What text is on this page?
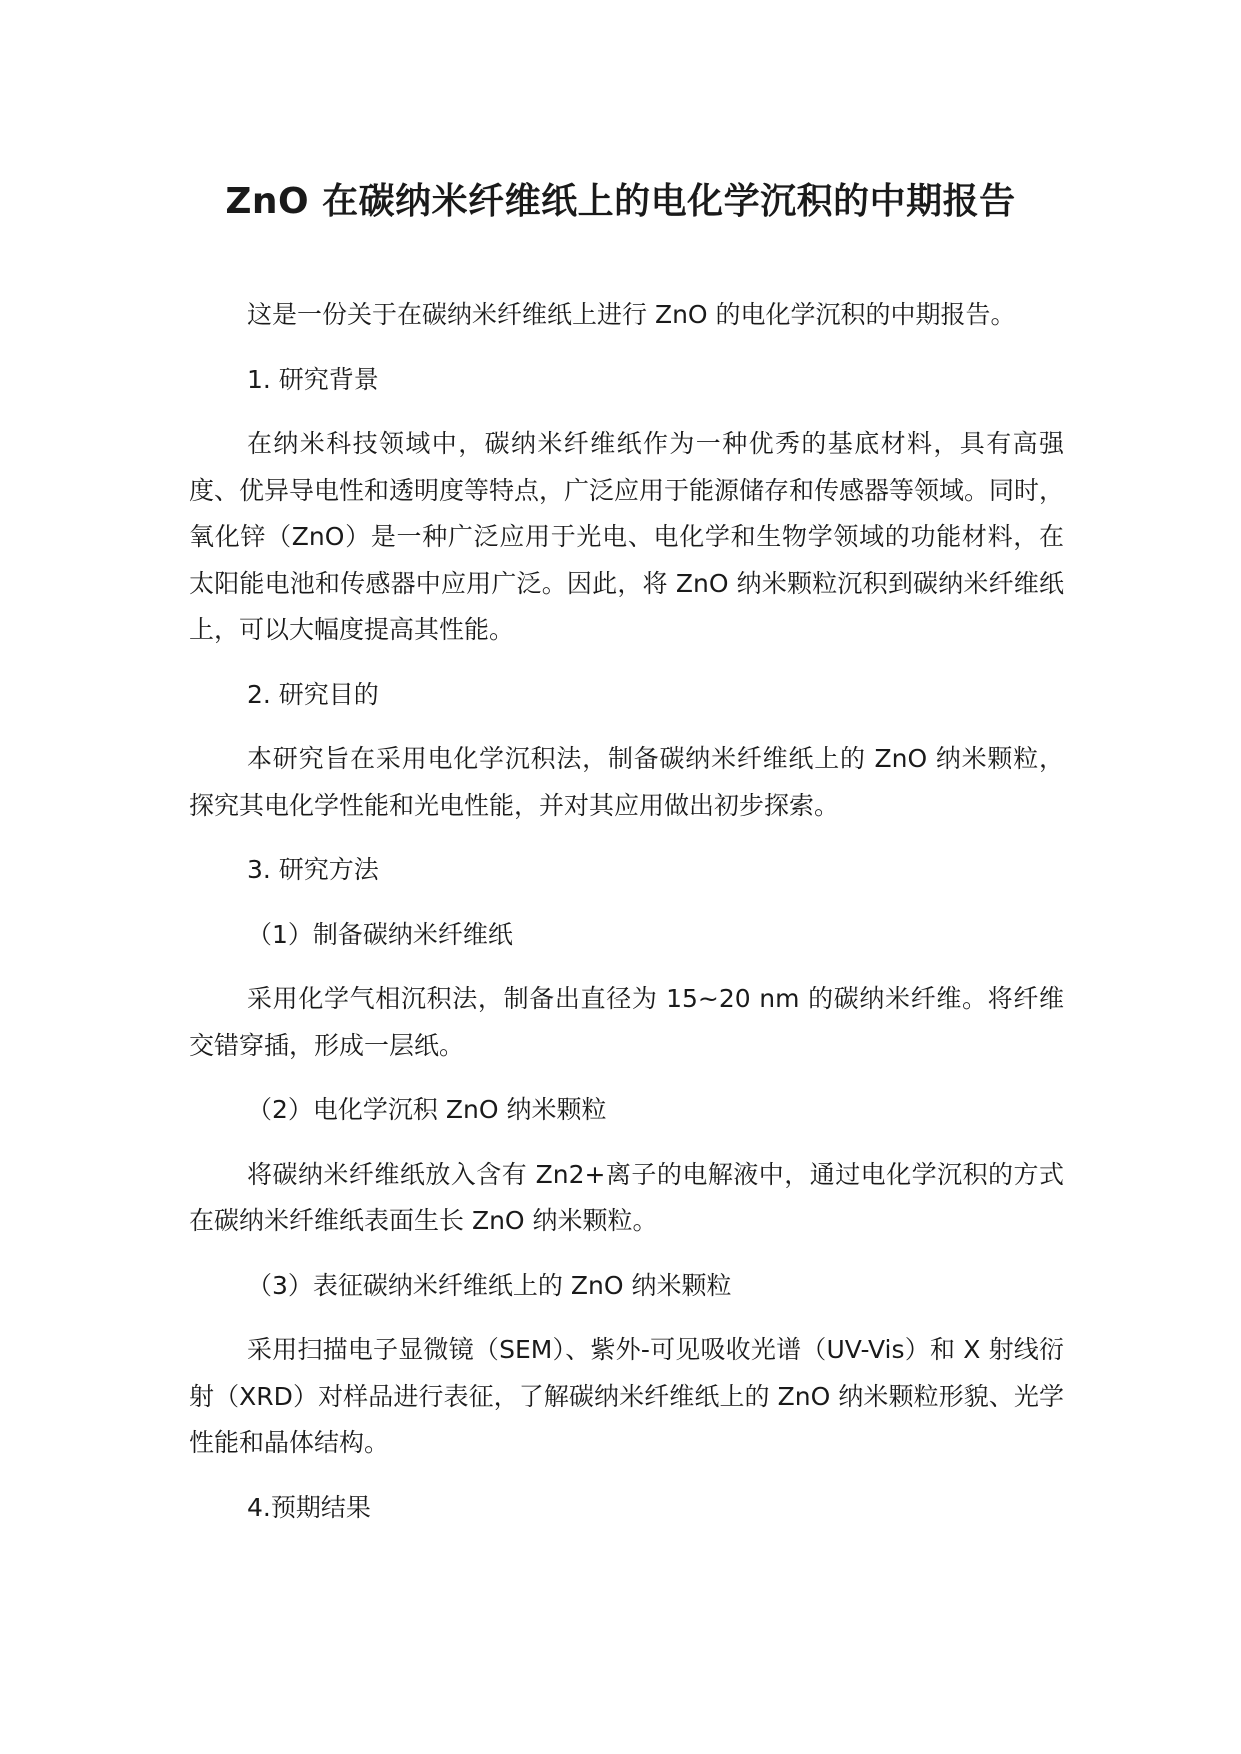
ZnO 在碳纳米纤维纸上的电化学沉积的中期报告

这是一份关于在碳纳米纤维纸上进行 ZnO 的电化学沉积的中期报告。

1. 研究背景

在纳米科技领域中，碳纳米纤维纸作为一种优秀的基底材料，具有高强度、优异导电性和透明度等特点，广泛应用于能源储存和传感器等领域。同时，氧化锌（ZnO）是一种广泛应用于光电、电化学和生物学领域的功能材料，在太阳能电池和传感器中应用广泛。因此，将 ZnO 纳米颗粒沉积到碳纳米纤维纸上，可以大幅度提高其性能。

2. 研究目的

本研究旨在采用电化学沉积法，制备碳纳米纤维纸上的 ZnO 纳米颗粒，探究其电化学性能和光电性能，并对其应用做出初步探索。

3. 研究方法

（1）制备碳纳米纤维纸

采用化学气相沉积法，制备出直径为 15~20 nm 的碳纳米纤维。将纤维交错穿插，形成一层纸。

（2）电化学沉积 ZnO 纳米颗粒

将碳纳米纤维纸放入含有 Zn2+离子的电解液中，通过电化学沉积的方式在碳纳米纤维纸表面生长 ZnO 纳米颗粒。

（3）表征碳纳米纤维纸上的 ZnO 纳米颗粒

采用扫描电子显微镜（SEM）、紫外-可见吸收光谱（UV-Vis）和 X 射线衍射（XRD）对样品进行表征，了解碳纳米纤维纸上的 ZnO 纳米颗粒形貌、光学性能和晶体结构。

4.预期结果
